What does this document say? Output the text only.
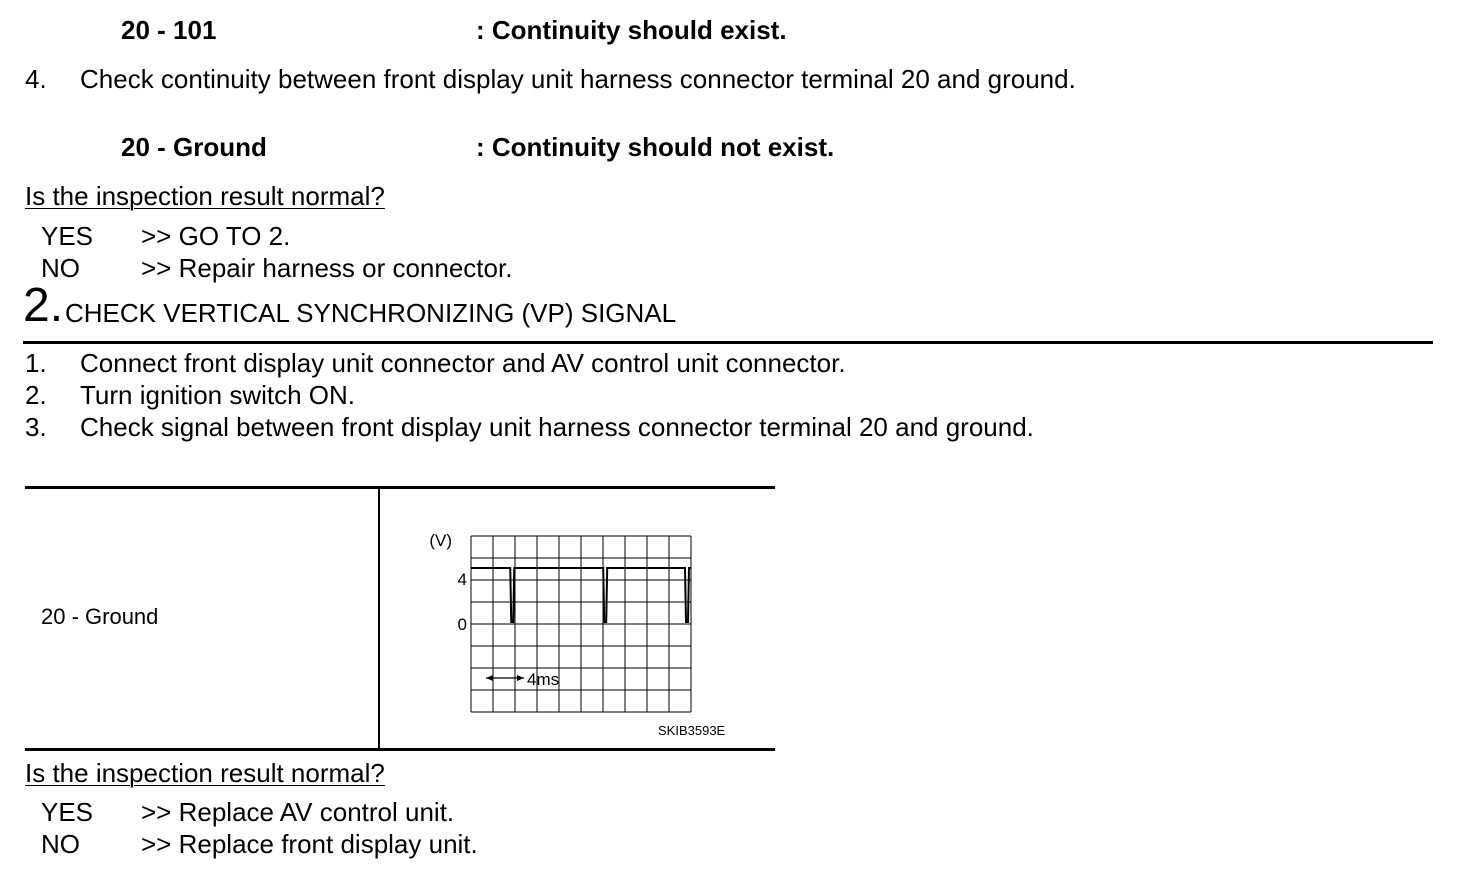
20 - 101	: Continuity should exist.
4. Check continuity between front display unit harness connector terminal 20 and ground.
20 - Ground	: Continuity should not exist.
Is the inspection result normal?
YES >> GO TO 2.
NO >> Repair harness or connector.
2. CHECK VERTICAL SYNCHRONIZING (VP) SIGNAL
1. Connect front display unit connector and AV control unit connector.
2. Turn ignition switch ON.
3. Check signal between front display unit harness connector terminal 20 and ground.
20 - Ground
(V)
4
0
4ms
SKIB3593E
Is the inspection result normal?
YES >> Replace AV control unit.
NO >> Replace front display unit.
